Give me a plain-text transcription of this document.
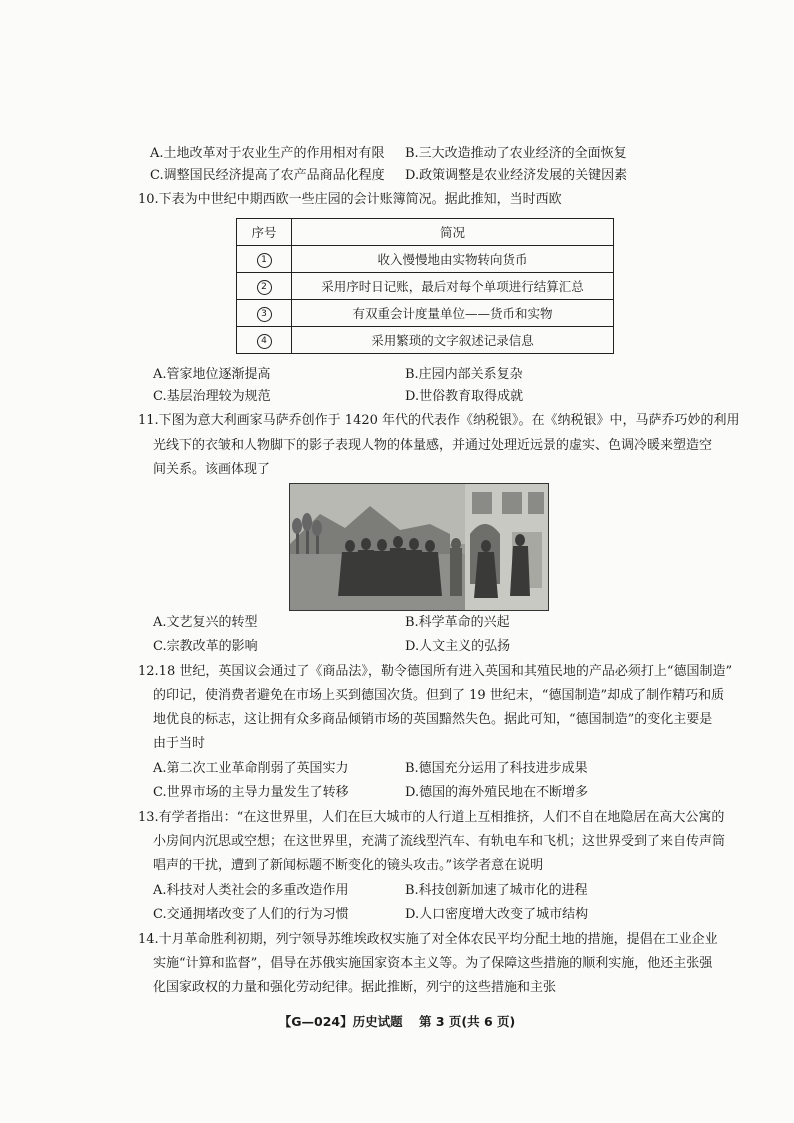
A.土地改革对于农业生产的作用相对有限 B.三大改造推动了农业经济的全面恢复
C.调整国民经济提高了农产品商品化程度 D.政策调整是农业经济发展的关键因素
10.下表为中世纪中期西欧一些庄园的会计账簿简况。据此推知，当时西欧
序号	简况
1	收入慢慢地由实物转向货币
2	采用序时日记账，最后对每个单项进行结算汇总
3	有双重会计度量单位——货币和实物
4	采用繁琐的文字叙述记录信息
A.管家地位逐渐提高	B.庄园内部关系复杂
C.基层治理较为规范	D.世俗教育取得成就
11.下图为意大利画家马萨乔创作于 1420 年代的代表作《纳税银》。在《纳税银》中，马萨乔巧妙的利用
光线下的衣皱和人物脚下的影子表现人物的体量感，并通过处理近远景的虚实、色调冷暖来塑造空
间关系。该画体现了
A.文艺复兴的转型	B.科学革命的兴起
C.宗教改革的影响	D.人文主义的弘扬
12.18 世纪，英国议会通过了《商品法》，勒令德国所有进入英国和其殖民地的产品必须打上“德国制造”
的印记，使消费者避免在市场上买到德国次货。但到了 19 世纪末，“德国制造”却成了制作精巧和质
地优良的标志，这让拥有众多商品倾销市场的英国黯然失色。据此可知，“德国制造”的变化主要是
由于当时
A.第二次工业革命削弱了英国实力	B.德国充分运用了科技进步成果
C.世界市场的主导力量发生了转移	D.德国的海外殖民地在不断增多
13.有学者指出：“在这世界里，人们在巨大城市的人行道上互相推挤，人们不自在地隐居在高大公寓的
小房间内沉思或空想；在这世界里，充满了流线型汽车、有轨电车和飞机；这世界受到了来自传声筒
唱声的干扰，遭到了新闻标题不断变化的镜头攻击。”该学者意在说明
A.科技对人类社会的多重改造作用	B.科技创新加速了城市化的进程
C.交通拥堵改变了人们的行为习惯	D.人口密度增大改变了城市结构
14.十月革命胜利初期，列宁领导苏维埃政权实施了对全体农民平均分配土地的措施，提倡在工业企业
实施“计算和监督”，倡导在苏俄实施国家资本主义等。为了保障这些措施的顺利实施，他还主张强
化国家政权的力量和强化劳动纪律。据此推断，列宁的这些措施和主张
【G—024】历史试题 第 3 页(共 6 页)
